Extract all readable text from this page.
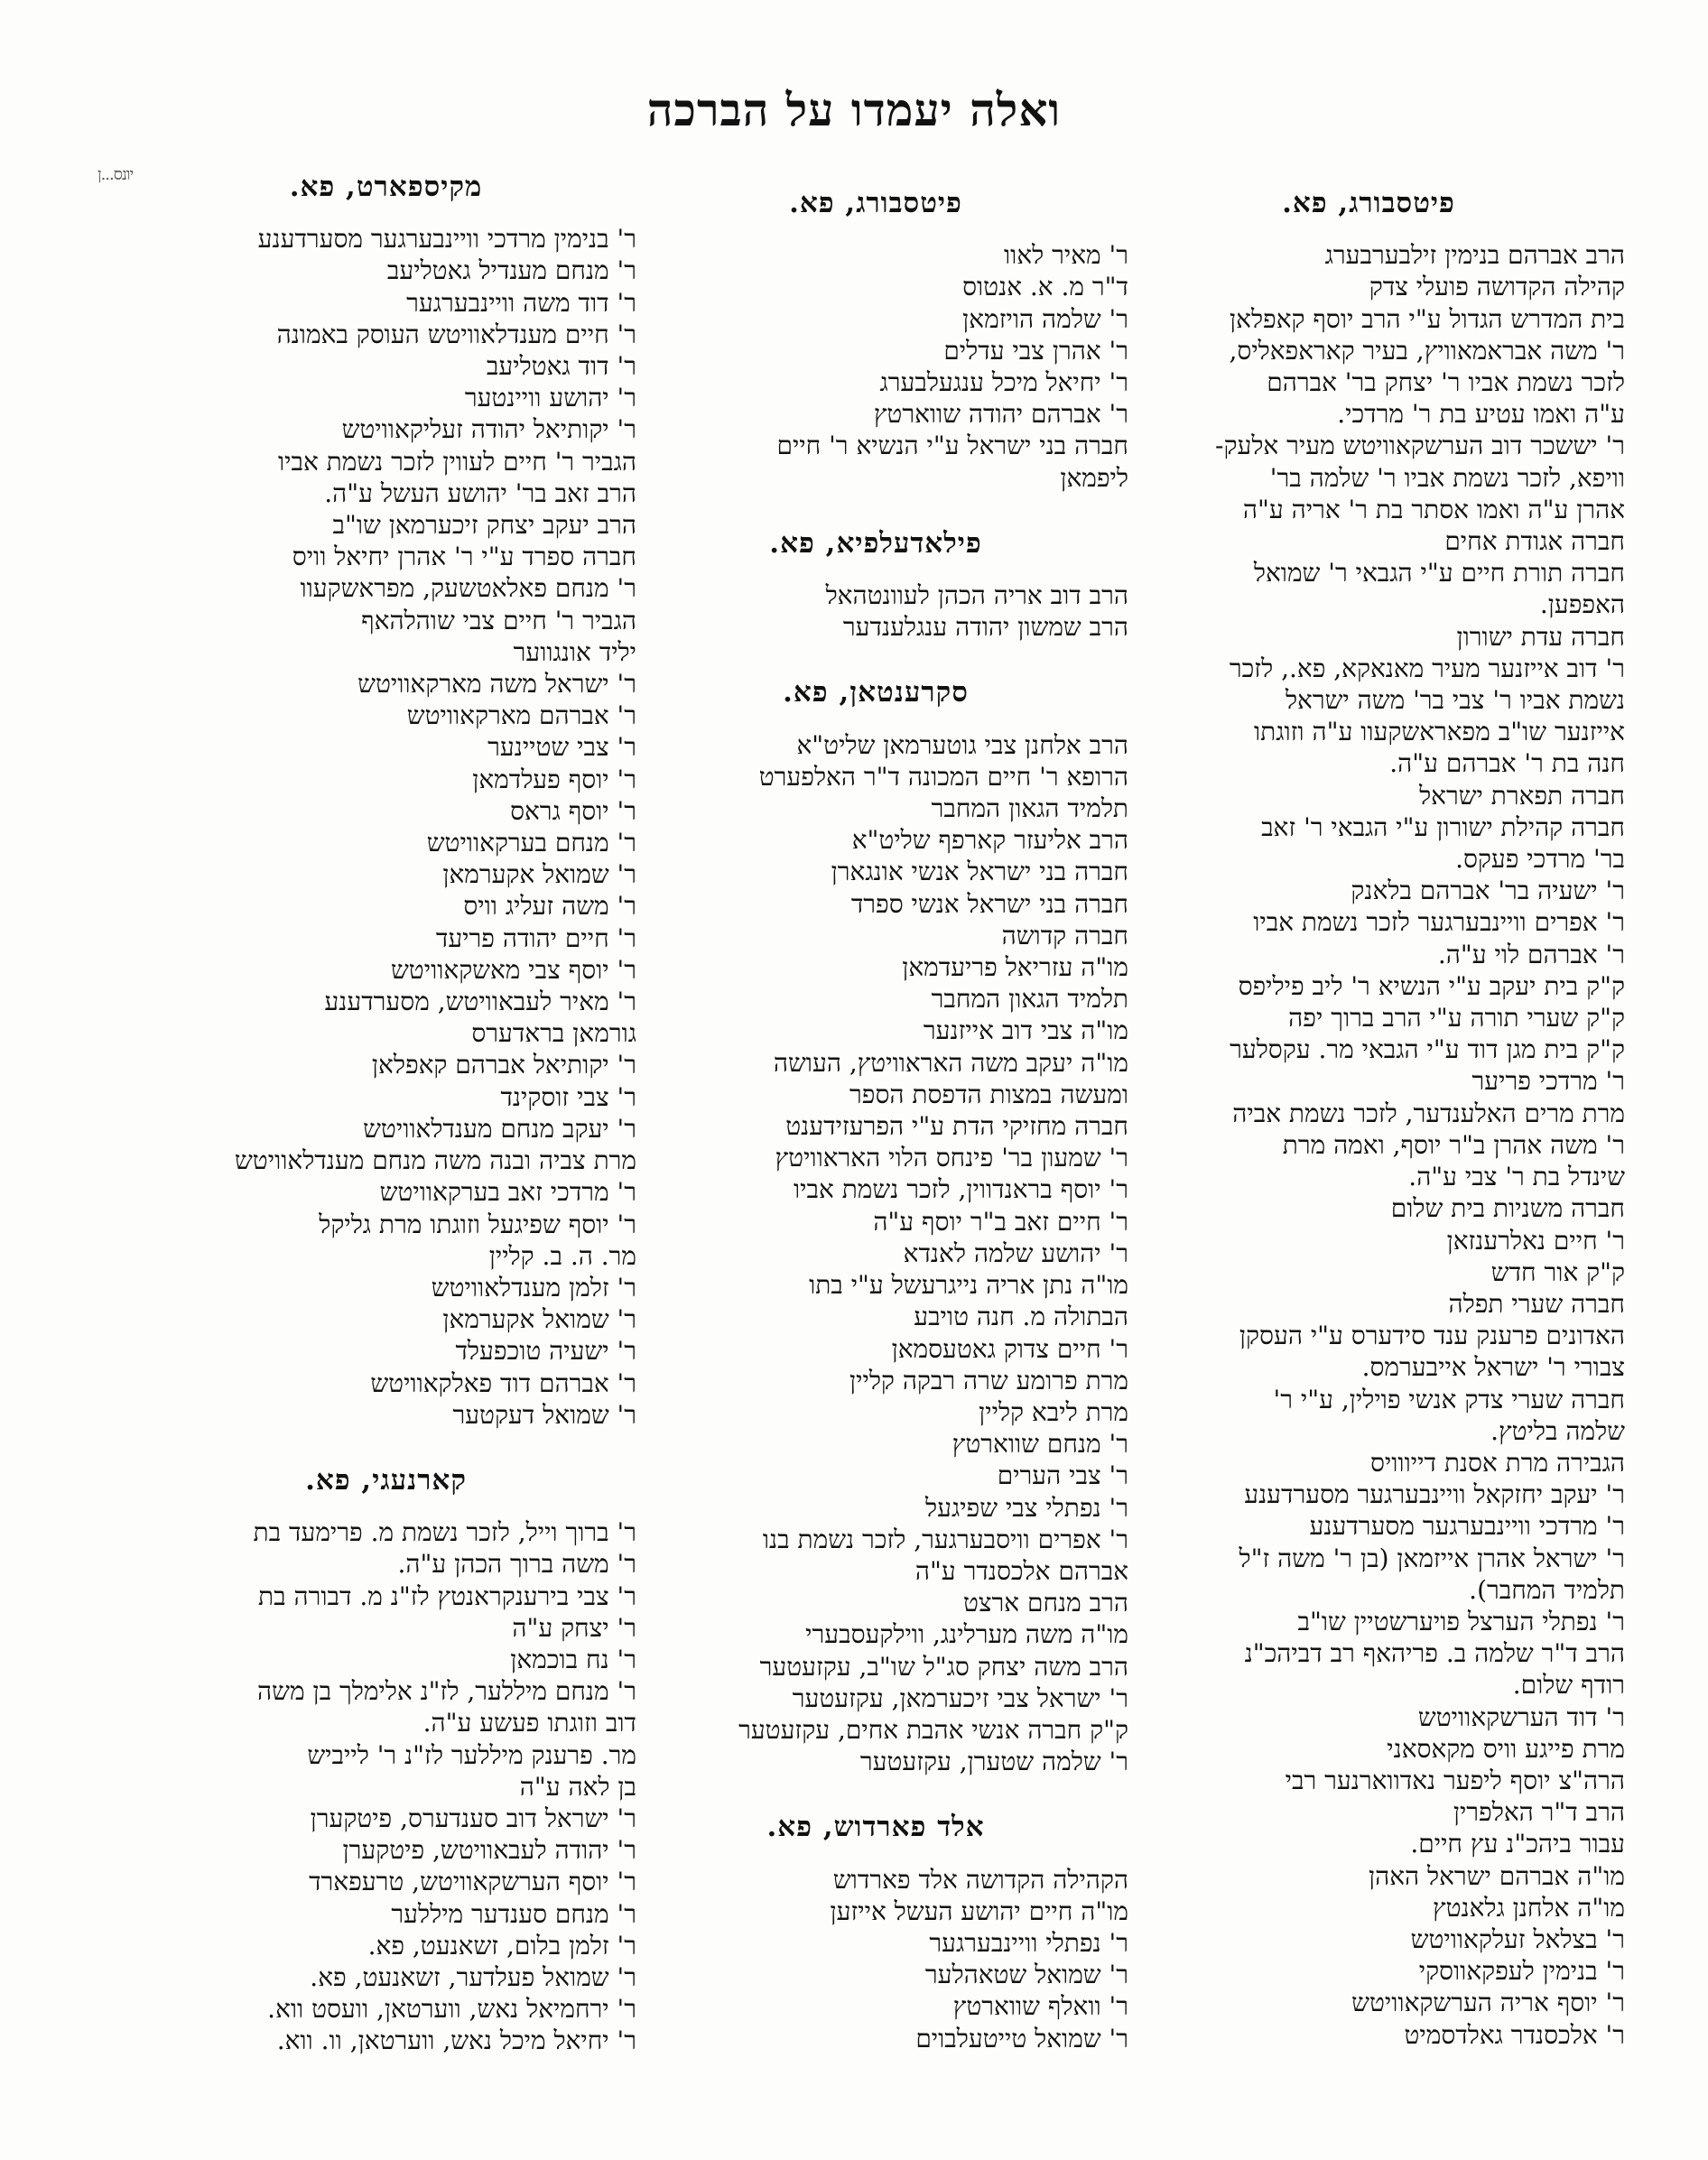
ואלה יעמדו על הברכה
יונס...ן
פיטסבורג, פא.
הרב אברהם בנימין זילבערבערג
קהילה הקדושה פועלי צדק
בית המדרש הגדול ע"י הרב יוסף קאפלאן
ר' משה אבראמאוויץ, בעיר קאראפאליס,
לזכר נשמת אביו ר' יצחק בר' אברהם
ע"ה ואמו עטיע בת ר' מרדכי.
ר' יששכר דוב הערשקאוויטש מעיר אלעק-
וויפא, לזכר נשמת אביו ר' שלמה בר'
אהרן ע"ה ואמו אסתר בת ר' אריה ע"ה
חברה אגודת אחים
חברה תורת חיים ע"י הגבאי ר' שמואל
האפפען.
חברה עדת ישורון
ר' דוב אייזנער מעיר מאנאקא, פא., לזכר
נשמת אביו ר' צבי בר' משה ישראל
אייזנער שו"ב מפאראשקעוו ע"ה וזוגתו
חנה בת ר' אברהם ע"ה.
חברה תפארת ישראל
חברה קהילת ישורון ע"י הגבאי ר' זאב
בר' מרדכי פעקס.
ר' ישעיה בר' אברהם בלאנק
ר' אפרים וויינבערגער לזכר נשמת אביו
ר' אברהם לוי ע"ה.
ק"ק בית יעקב ע"י הנשיא ר' ליב פיליפס
ק"ק שערי תורה ע"י הרב ברוך יפה
ק"ק בית מגן דוד ע"י הגבאי מר. עקסלער
ר' מרדכי פריער
מרת מרים האלענדער, לזכר נשמת אביה
ר' משה אהרן ב"ר יוסף, ואמה מרת
שינדל בת ר' צבי ע"ה.
חברה משניות בית שלום
ר' חיים נאלרענזאן
ק"ק אור חדש
חברה שערי תפלה
האדונים פרענק ענד סידערס ע"י העסקן
צבורי ר' ישראל אייבערמס.
חברה שערי צדק אנשי פוילין, ע"י ר'
שלמה בליטץ.
הגבירה מרת אסנת דייווויס
ר' יעקב יחזקאל וויינבערגער מסערדענע
ר' מרדכי וויינבערגער מסערדענע
ר' ישראל אהרן אייזמאן (בן ר' משה ז"ל
תלמיד המחבר).
ר' נפתלי הערצל פויערשטיין שו"ב
הרב ד"ר שלמה ב. פריהאף רב דביהכ"נ
רודף שלום.
ר' דוד הערשקאוויטש
מרת פייגע וויס מקאסאני
הרה"צ יוסף ליפער נאדווארנער רבי
הרב ד"ר האלפרין
עבור ביהכ"נ עץ חיים.
מו"ה אברהם ישראל האהן
מו"ה אלחנן גלאנטץ
ר' בצלאל זעלקאוויטש
ר' בנימין לעפקאווסקי
ר' יוסף אריה הערשקאוויטש
ר' אלכסנדר גאלדסמיט
פיטסבורג, פא.
ר' מאיר לאוו
ד"ר מ. א. אנטוס
ר' שלמה הויזמאן
ר' אהרן צבי עדלים
ר' יחיאל מיכל ענגעלבערג
ר' אברהם יהודה שווארטץ
חברה בני ישראל ע"י הנשיא ר' חיים
ליפמאן
פילאדעלפיא, פא.
הרב דוב אריה הכהן לעוונטהאל
הרב שמשון יהודה ענגלענדער
סקרענטאן, פא.
הרב אלחנן צבי גוטערמאן שליט"א
הרופא ר' חיים המכונה ד"ר האלפערט
תלמיד הגאון המחבר
הרב אליעזר קארפף שליט"א
חברה בני ישראל אנשי אונגארן
חברה בני ישראל אנשי ספרד
חברה קדושה
מו"ה עזריאל פריעדמאן
תלמיד הגאון המחבר
מו"ה צבי דוב אייזנער
מו"ה יעקב משה האראוויטץ, העושה
ומעשה במצות הדפסת הספר
חברה מחזיקי הדת ע"י הפרעזידענט
ר' שמעון בר' פינחס הלוי האראוויטץ
ר' יוסף בראנדווין, לזכר נשמת אביו
ר' חיים זאב ב"ר יוסף ע"ה
ר' יהושע שלמה לאנדא
מו"ה נתן אריה נייגרעשל ע"י בתו
הבתולה מ. חנה טויבע
ר' חיים צדוק גאטעסמאן
מרת פרומע שרה רבקה קליין
מרת ליבא קליין
ר' מנחם שווארטץ
ר' צבי הערים
ר' נפתלי צבי שפיגעל
ר' אפרים וויסבערגער, לזכר נשמת בנו
אברהם אלכסנדר ע"ה
הרב מנחם ארצט
מו"ה משה מערלינג, ווילקעסבערי
הרב משה יצחק סג"ל שו"ב, עקזעטער
ר' ישראל צבי זיכערמאן, עקזעטער
ק"ק חברה אנשי אהבת אחים, עקזעטער
ר' שלמה שטערן, עקזעטער
אלד פארדוש, פא.
הקהילה הקדושה אלד פארדוש
מו"ה חיים יהושע העשל אייזען
ר' נפתלי וויינבערגער
ר' שמואל שטאהלער
ר' וואלף שווארטץ
ר' שמואל טייטעלבוים
מקיספארט, פא.
ר' בנימין מרדכי וויינבערגער מסערדענע
ר' מנחם מענדיל גאטליעב
ר' דוד משה וויינבערגער
ר' חיים מענדלאוויטש העוסק באמונה
ר' דוד גאטליעב
ר' יהושע וויינטער
ר' יקותיאל יהודה זעליקאוויטש
הגביר ר' חיים לעווין לזכר נשמת אביו
הרב זאב בר' יהושע העשל ע"ה.
הרב יעקב יצחק זיכערמאן שו"ב
חברה ספרד ע"י ר' אהרן יחיאל וויס
ר' מנחם פאלאטשעק, מפראשקעוו
הגביר ר' חיים צבי שוהלהאף
יליד אונגווער
ר' ישראל משה מארקאוויטש
ר' אברהם מארקאוויטש
ר' צבי שטיינער
ר' יוסף פעלדמאן
ר' יוסף גראס
ר' מנחם בערקאוויטש
ר' שמואל אקערמאן
ר' משה זעליג וויס
ר' חיים יהודה פריעד
ר' יוסף צבי מאשקאוויטש
ר' מאיר לעבאוויטש, מסערדענע
גורמאן בראדערס
ר' יקותיאל אברהם קאפלאן
ר' צבי זוסקינד
ר' יעקב מנחם מענדלאוויטש
מרת צביה ובנה משה מנחם מענדלאוויטש
ר' מרדכי זאב בערקאוויטש
ר' יוסף שפיגעל וזוגתו מרת גליקל
מר. ה. ב. קליין
ר' זלמן מענדלאוויטש
ר' שמואל אקערמאן
ר' ישעיה טוכפעלד
ר' אברהם דוד פאלקאוויטש
ר' שמואל דעקטער
קארנעגי, פא.
ר' ברוך וייל, לזכר נשמת מ. פרימעד בת
ר' משה ברוך הכהן ע"ה.
ר' צבי בירענקראנטץ לז"נ מ. דבורה בת
ר' יצחק ע"ה
ר' נח בוכמאן
ר' מנחם מיללער, לז"נ אלימלך בן משה
דוב וזוגתו פעשע ע"ה.
מר. פרענק מיללער לז"נ ר' לייביש
בן לאה ע"ה
ר' ישראל דוב סענדערס, פיטקערן
ר' יהודה לעבאוויטש, פיטקערן
ר' יוסף הערשקאוויטש, טרעפארד
ר' מנחם סענדער מיללער
ר' זלמן בלום, זשאנעט, פא.
ר' שמואל פעלדער, זשאנעט, פא.
ר' ירחמיאל נאש, ווערטאן, וועסט ווא.
ר' יחיאל מיכל נאש, ווערטאן, וו. ווא.
